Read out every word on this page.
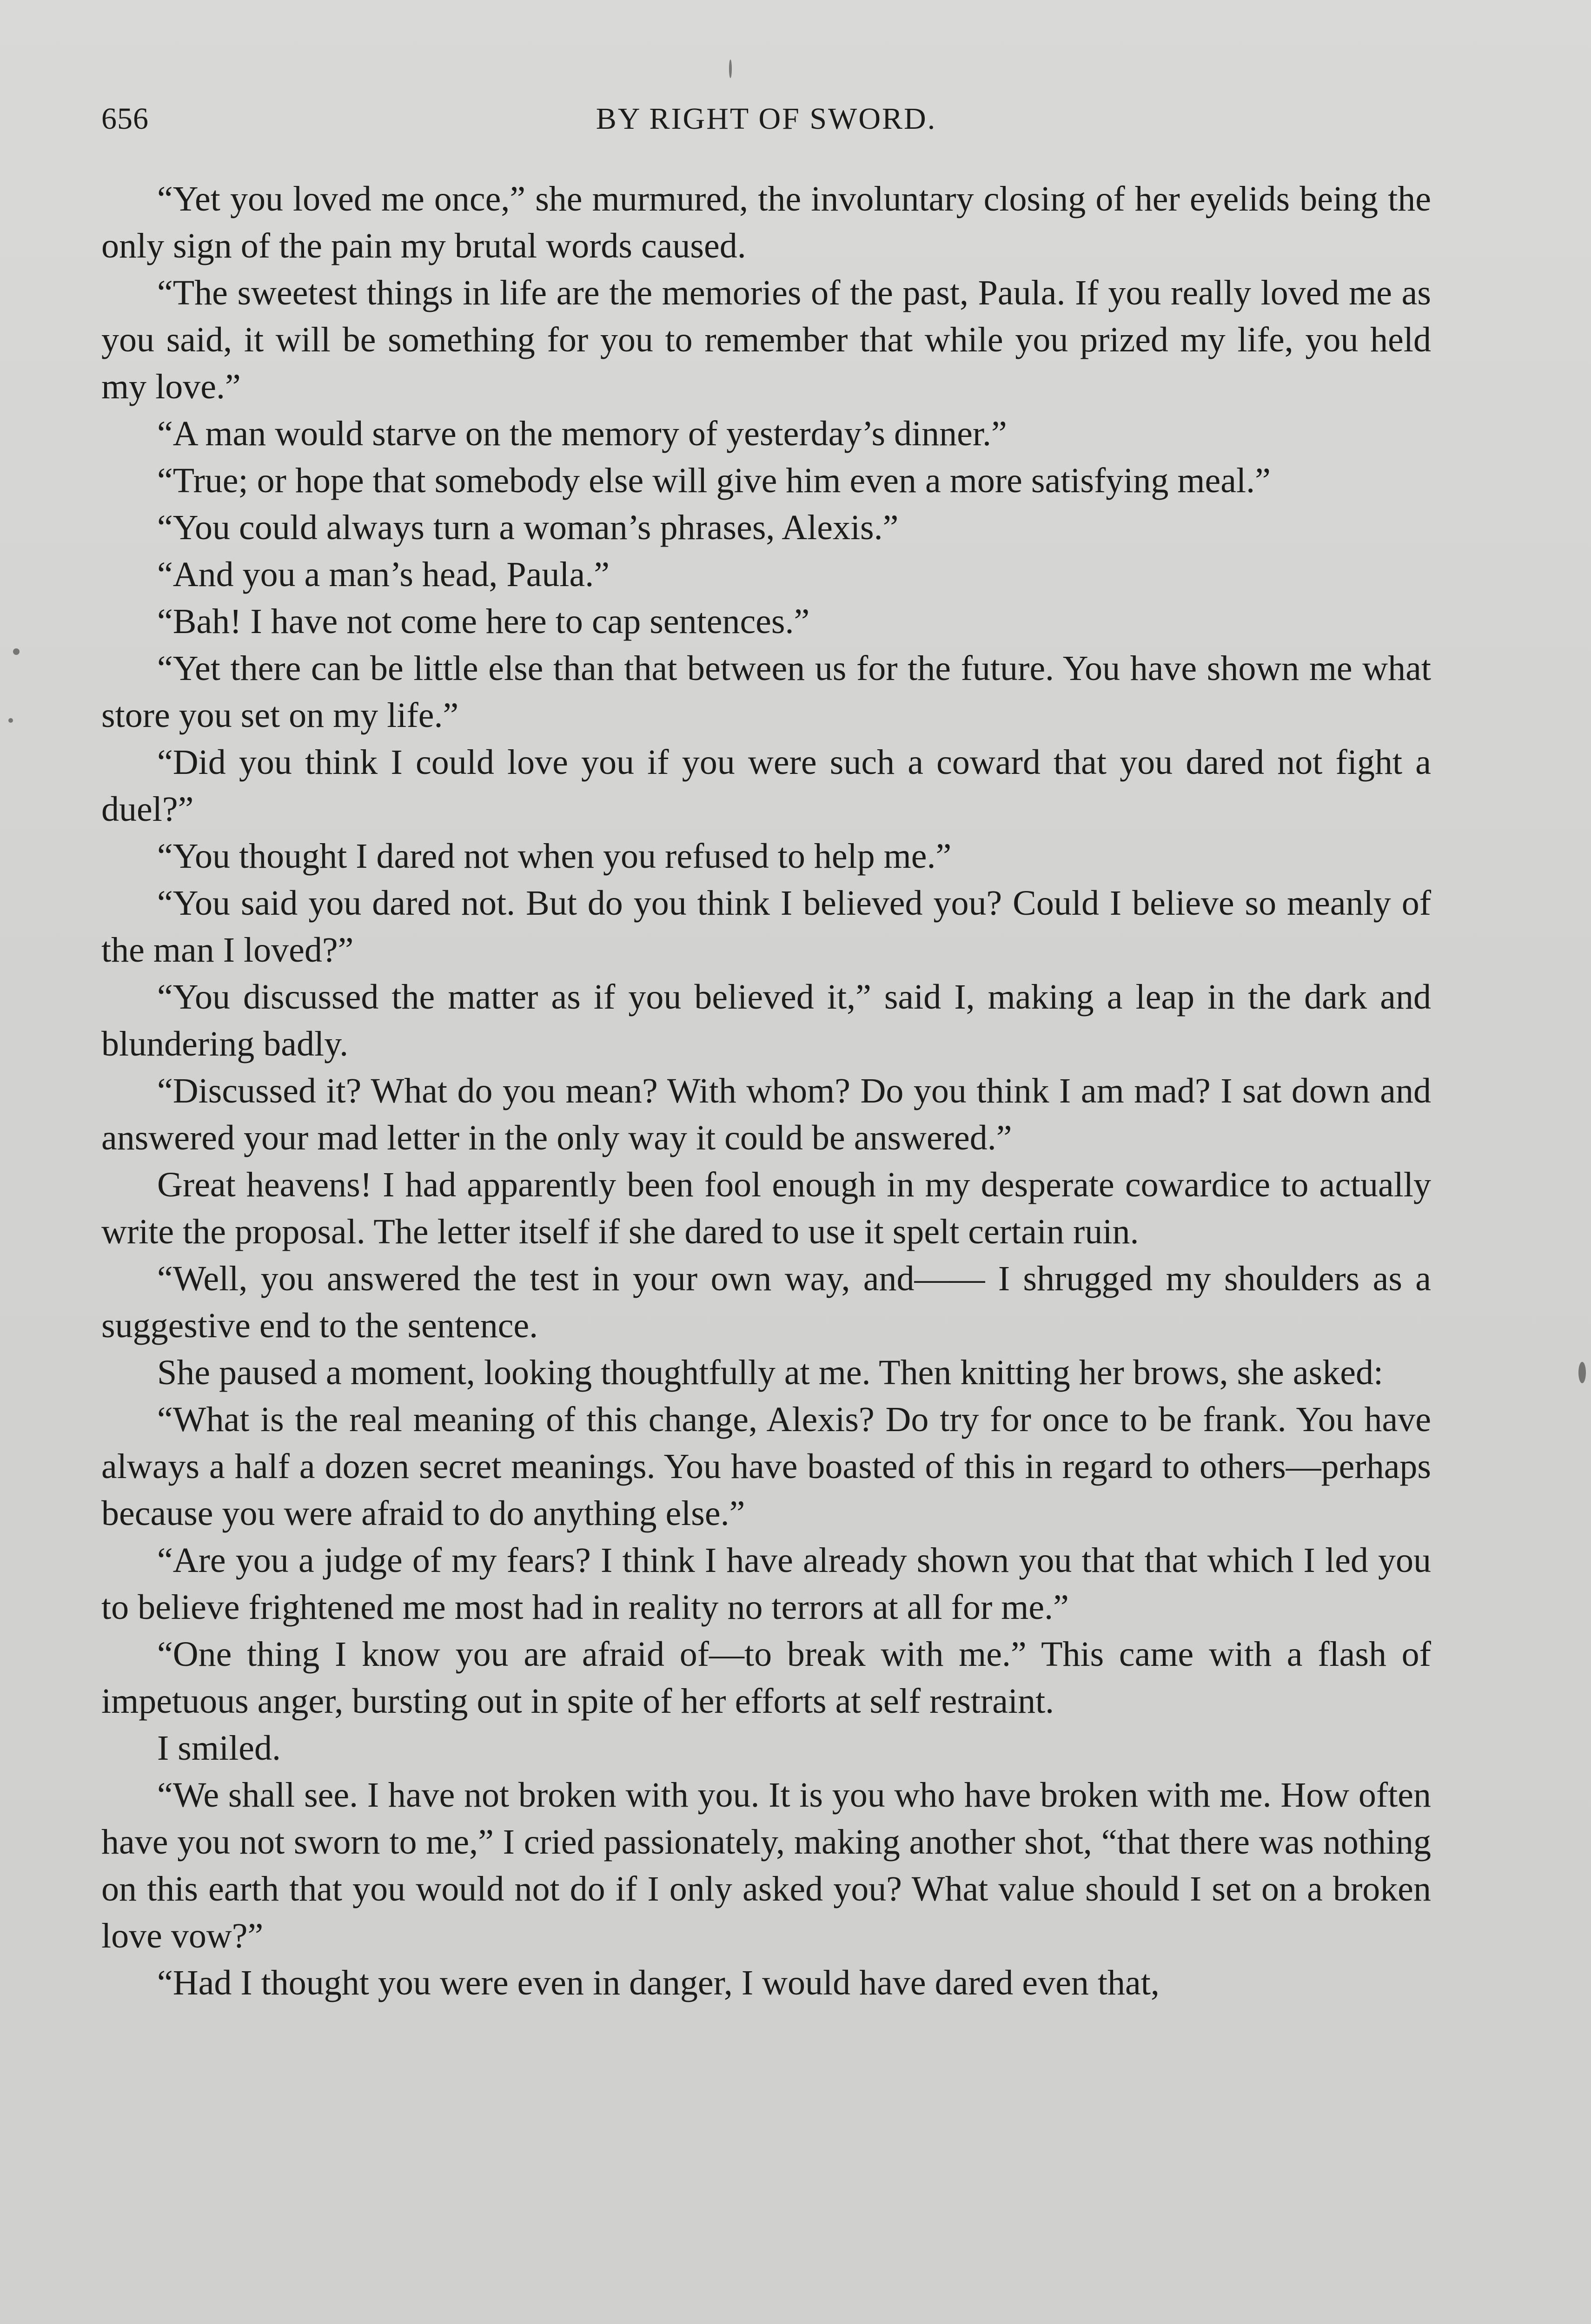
656	BY RIGHT OF SWORD.

“Yet you loved me once,” she murmured, the involuntary closing of her eyelids being the only sign of the pain my brutal words caused.

“The sweetest things in life are the memories of the past, Paula. If you really loved me as you said, it will be something for you to remember that while you prized my life, you held my love.”

“A man would starve on the memory of yesterday’s dinner.”

“True; or hope that somebody else will give him even a more satisfying meal.”

“You could always turn a woman’s phrases, Alexis.”

“And you a man’s head, Paula.”

“Bah! I have not come here to cap sentences.”

“Yet there can be little else than that between us for the future. You have shown me what store you set on my life.”

“Did you think I could love you if you were such a coward that you dared not fight a duel?”

“You thought I dared not when you refused to help me.”

“You said you dared not. But do you think I believed you? Could I believe so meanly of the man I loved?”

“You discussed the matter as if you believed it,” said I, making a leap in the dark and blundering badly.

“Discussed it? What do you mean? With whom? Do you think I am mad? I sat down and answered your mad letter in the only way it could be answered.”

Great heavens! I had apparently been fool enough in my desperate cowardice to actually write the proposal. The letter itself if she dared to use it spelt certain ruin.

“Well, you answered the test in your own way, and—— I shrugged my shoulders as a suggestive end to the sentence.

She paused a moment, looking thoughtfully at me. Then knitting her brows, she asked:

“What is the real meaning of this change, Alexis? Do try for once to be frank. You have always a half a dozen secret meanings. You have boasted of this in regard to others—perhaps because you were afraid to do anything else.”

“Are you a judge of my fears? I think I have already shown you that that which I led you to believe frightened me most had in reality no terrors at all for me.”

“One thing I know you are afraid of—to break with me.” This came with a flash of impetuous anger, bursting out in spite of her efforts at self restraint.

I smiled.

“We shall see. I have not broken with you. It is you who have broken with me. How often have you not sworn to me,” I cried passionately, making another shot, “that there was nothing on this earth that you would not do if I only asked you? What value should I set on a broken love vow?”

“Had I thought you were even in danger, I would have dared even that,
